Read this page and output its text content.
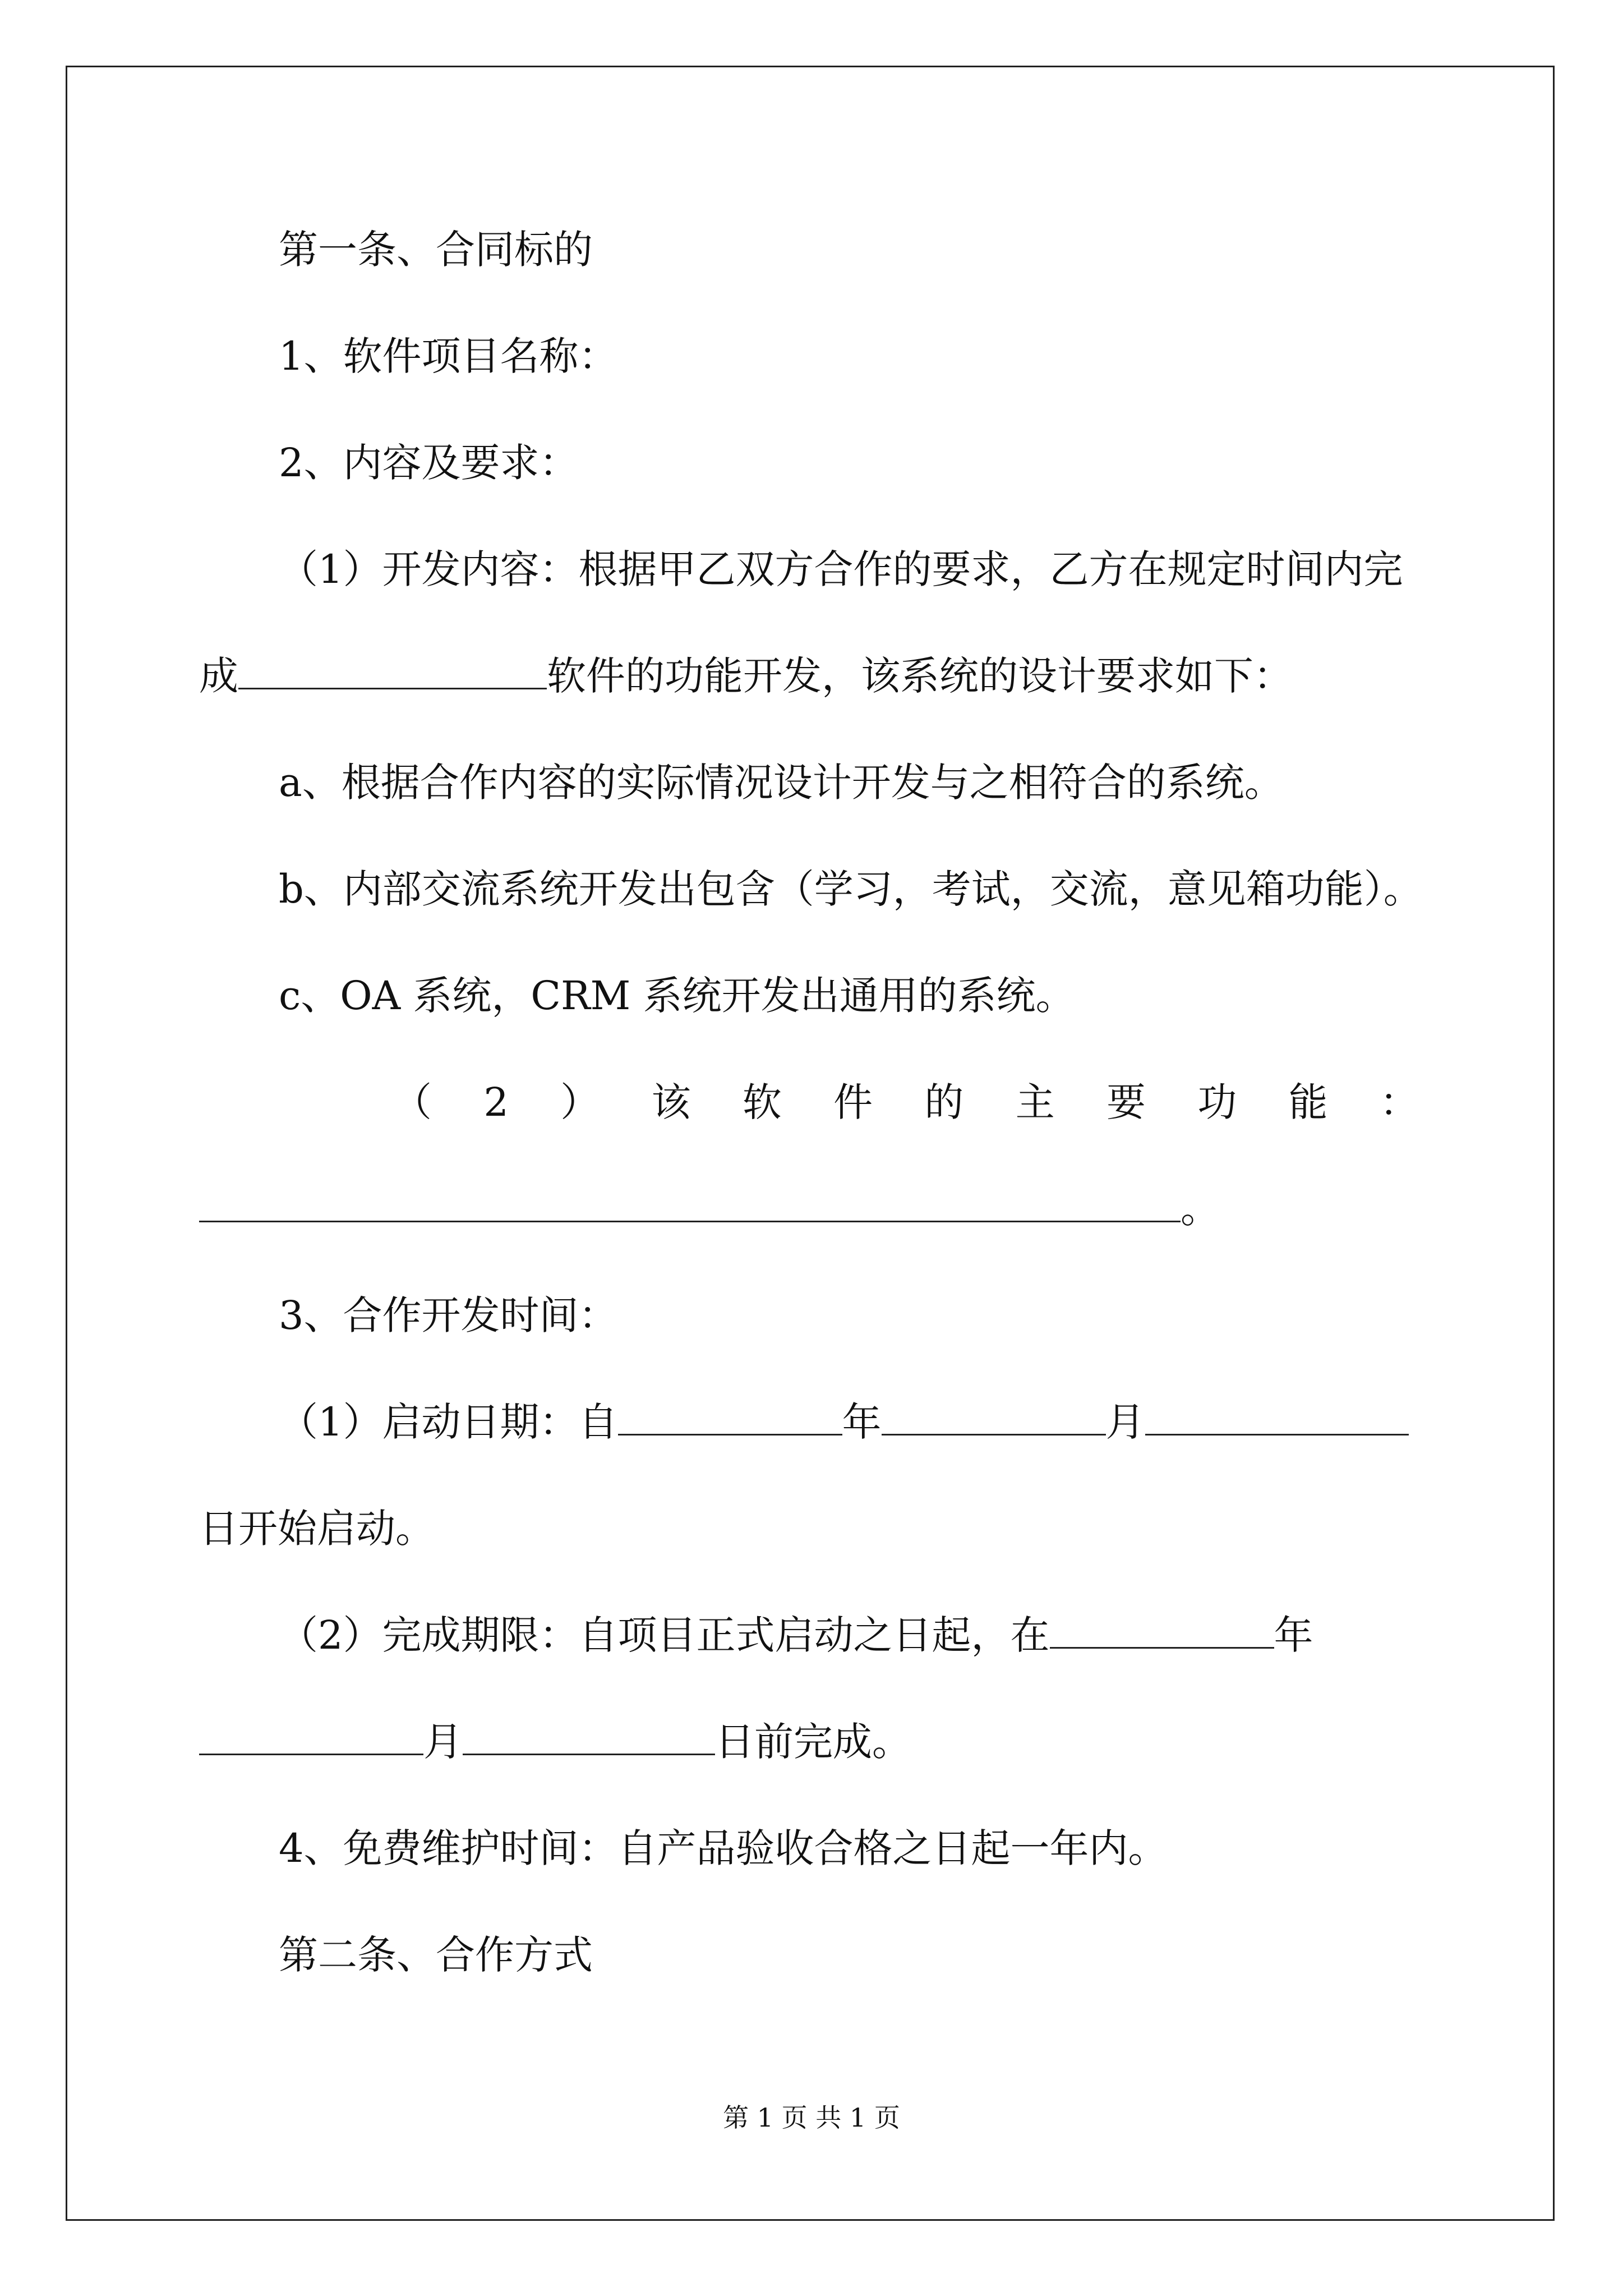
第一条、合同标的
1、软件项目名称：
2、内容及要求：
（1）开发内容：根据甲乙双方合作的要求，乙方在规定时间内完
成	软件的功能开发，该系统的设计要求如下：
a、根据合作内容的实际情况设计开发与之相符合的系统。
b、内部交流系统开发出包含（学习，考试，交流，意见箱功能）。
c、OA 系统，CRM 系统开发出通用的系统。
（ 2 ） 该 软 件 的 主 要 功 能 ：
。
3、合作开发时间：
（1）启动日期：自	年	月
日开始启动。
（2）完成期限：自项目正式启动之日起，在	年
月	日前完成。
4、免费维护时间：自产品验收合格之日起一年内。
第二条、合作方式
第 1 页 共 1 页
